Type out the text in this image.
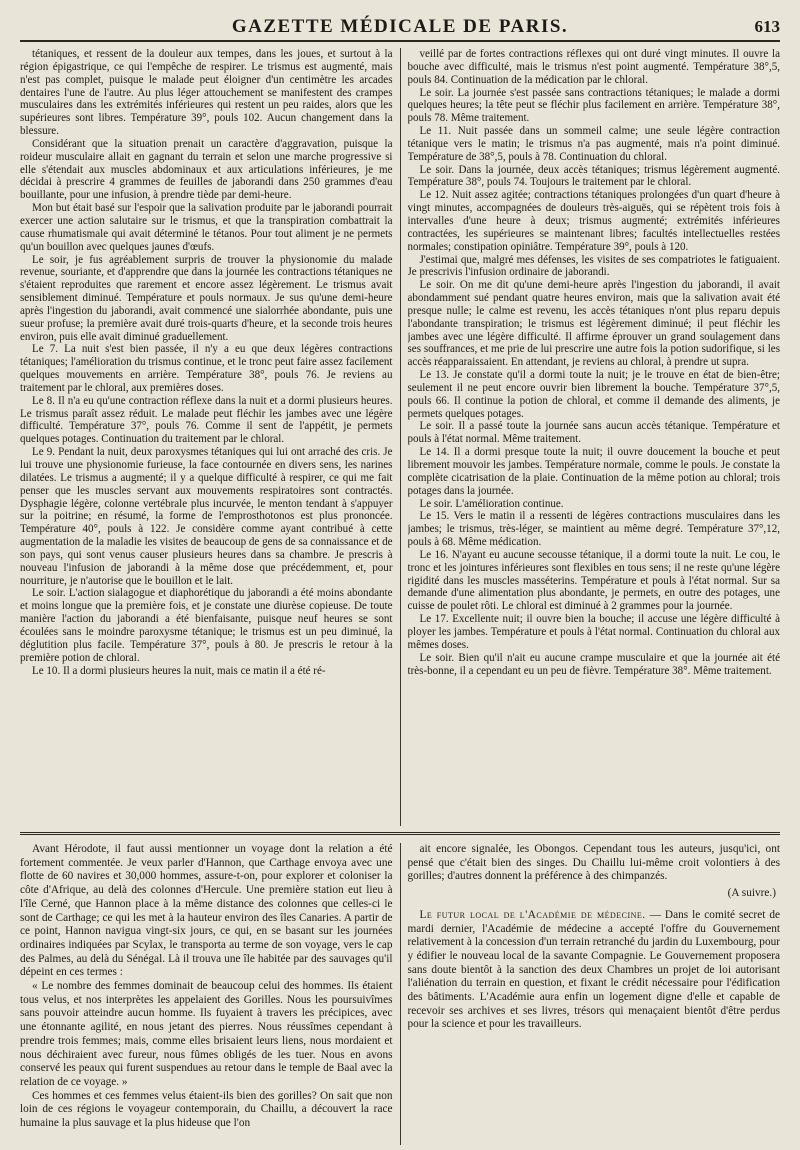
GAZETTE MÉDICALE DE PARIS.	613

tétaniques, et ressent de la douleur aux tempes, dans les joues, et surtout à la région épigastrique, ce qui l'empêche de respirer. Le trismus est augmenté, mais n'est pas complet, puisque le malade peut éloigner d'un centimètre les arcades dentaires l'une de l'autre. Au plus léger attouchement se manifestent des crampes musculaires dans les extrémités inférieures qui restent un peu raides, alors que les supérieures sont libres. Température 39°, pouls 102. Aucun changement dans la blessure.

Considérant que la situation prenait un caractère d'aggravation, puisque la roideur musculaire allait en gagnant du terrain et selon une marche progressive si elle s'étendait aux muscles abdominaux et aux articulations inférieures, je me décidai à prescrire 4 grammes de feuilles de jaborandi dans 250 grammes d'eau bouillante, pour une infusion, à prendre tiède par demi-heure.

Mon but était basé sur l'espoir que la salivation produite par le jaborandi pourrait exercer une action salutaire sur le trismus, et que la transpiration combattrait la cause rhumatismale qui avait déterminé le tétanos. Pour tout aliment je ne permets qu'un bouillon avec quelques jaunes d'œufs.

Le soir, je fus agréablement surpris de trouver la physionomie du malade revenue, souriante, et d'apprendre que dans la journée les contractions tétaniques ne s'étaient reproduites que rarement et encore assez légèrement. Le trismus avait sensiblement diminué. Température et pouls normaux. Je sus qu'une demi-heure après l'ingestion du jaborandi, avait commencé une sialorrhée abondante, puis une sueur profuse; la première avait duré trois-quarts d'heure, et la seconde trois heures environ, puis elle avait diminué graduellement.

Le 7. La nuit s'est bien passée, il n'y a eu que deux légères contractions tétaniques; l'amélioration du trismus continue, et le tronc peut faire assez facilement quelques mouvements en arrière. Température 38°, pouls 76. Je reviens au traitement par le chloral, aux premières doses.

Le 8. Il n'a eu qu'une contraction réflexe dans la nuit et a dormi plusieurs heures. Le trismus paraît assez réduit. Le malade peut fléchir les jambes avec une légère difficulté. Température 37°, pouls 76. Comme il sent de l'appétit, je permets quelques potages. Continuation du traitement par le chloral.

Le 9. Pendant la nuit, deux paroxysmes tétaniques qui lui ont arraché des cris. Je lui trouve une physionomie furieuse, la face contournée en divers sens, les narines dilatées. Le trismus a augmenté; il y a quelque difficulté à respirer, ce qui me fait penser que les muscles servant aux mouvements respiratoires sont contractés. Dysphagie légère, colonne vertébrale plus incurvée, le menton tendant à s'appuyer sur la poitrine; en résumé, la forme de l'emprosthotonos est plus prononcée. Température 40°, pouls à 122. Je considère comme ayant contribué à cette augmentation de la maladie les visites de beaucoup de gens de sa connaissance et de son pays, qui sont venus causer plusieurs heures dans sa chambre. Je prescris à nouveau l'infusion de jaborandi à la même dose que précédemment, et, pour nourriture, je n'autorise que le bouillon et le lait.

Le soir. L'action sialagogue et diaphorétique du jaborandi a été moins abondante et moins longue que la première fois, et je constate une diurèse copieuse. De toute manière l'action du jaborandi a été bienfaisante, puisque neuf heures se sont écoulées sans le moindre paroxysme tétanique; le trismus est un peu diminué, la déglutition plus facile. Température 37°, pouls à 80. Je prescris le retour à la première potion de chloral.

Le 10. Il a dormi plusieurs heures la nuit, mais ce matin il a été ré-

veillé par de fortes contractions réflexes qui ont duré vingt minutes. Il ouvre la bouche avec difficulté, mais le trismus n'est point augmenté. Température 38°,5, pouls 84. Continuation de la médication par le chloral.

Le soir. La journée s'est passée sans contractions tétaniques; le malade a dormi quelques heures; la tête peut se fléchir plus facilement en arrière. Température 38°, pouls 78. Même traitement.

Le 11. Nuit passée dans un sommeil calme; une seule légère contraction tétanique vers le matin; le trismus n'a pas augmenté, mais n'a point diminué. Température de 38°,5, pouls à 78. Continuation du chloral.

Le soir. Dans la journée, deux accès tétaniques; trismus légèrement augmenté. Température 38°, pouls 74. Toujours le traitement par le chloral.

Le 12. Nuit assez agitée; contractions tétaniques prolongées d'un quart d'heure à vingt minutes, accompagnées de douleurs très-aiguës, qui se répètent trois fois à intervalles d'une heure à deux; trismus augmenté; extrémités inférieures contractées, les supérieures se maintenant libres; facultés intellectuelles restées normales; constipation opiniâtre. Température 39°, pouls à 120.

J'estimai que, malgré mes défenses, les visites de ses compatriotes le fatiguaient. Je prescrivis l'infusion ordinaire de jaborandi.

Le soir. On me dit qu'une demi-heure après l'ingestion du jaborandi, il avait abondamment sué pendant quatre heures environ, mais que la salivation avait été presque nulle; le calme est revenu, les accès tétaniques n'ont plus reparu depuis l'abondante transpiration; le trismus est légèrement diminué; il peut fléchir les jambes avec une légère difficulté. Il affirme éprouver un grand soulagement dans ses souffrances, et me prie de lui prescrire une autre fois la potion sudorifique, si les accès réapparaissaient. En attendant, je reviens au chloral, à prendre ut supra.

Le 13. Je constate qu'il a dormi toute la nuit; je le trouve en état de bien-être; seulement il ne peut encore ouvrir bien librement la bouche. Température 37°,5, pouls 66. Il continue la potion de chloral, et comme il demande des aliments, je permets quelques potages.

Le soir. Il a passé toute la journée sans aucun accès tétanique. Température et pouls à l'état normal. Même traitement.

Le 14. Il a dormi presque toute la nuit; il ouvre doucement la bouche et peut librement mouvoir les jambes. Température normale, comme le pouls. Je constate la complète cicatrisation de la plaie. Continuation de la même potion au chloral; trois potages dans la journée.

Le soir. L'amélioration continue.

Le 15. Vers le matin il a ressenti de légères contractions musculaires dans les jambes; le trismus, très-léger, se maintient au même degré. Température 37°,12, pouls à 68. Même médication.

Le 16. N'ayant eu aucune secousse tétanique, il a dormi toute la nuit. Le cou, le tronc et les jointures inférieures sont flexibles en tous sens; il ne reste qu'une légère rigidité dans les muscles masséterins. Température et pouls à l'état normal. Sur sa demande d'une alimentation plus abondante, je permets, en outre des potages, une cuisse de poulet rôti. Le chloral est diminué à 2 grammes pour la journée.

Le 17. Excellente nuit; il ouvre bien la bouche; il accuse une légère difficulté à ployer les jambes. Température et pouls à l'état normal. Continuation du chloral aux mêmes doses.

Le soir. Bien qu'il n'ait eu aucune crampe musculaire et que la journée ait été très-bonne, il a cependant eu un peu de fièvre. Température 38°. Même traitement.

Avant Hérodote, il faut aussi mentionner un voyage dont la relation a été fortement commentée. Je veux parler d'Hannon, que Carthage envoya avec une flotte de 60 navires et 30,000 hommes, assure-t-on, pour explorer et coloniser la côte d'Afrique, au delà des colonnes d'Hercule. Une première station eut lieu à l'île Cerné, que Hannon place à la même distance des colonnes que celles-ci le sont de Carthage; ce qui les met à la hauteur environ des îles Canaries. A partir de ce point, Hannon navigua vingt-six jours, ce qui, en se basant sur les journées ordinaires indiquées par Scylax, le transporta au terme de son voyage, vers le cap des Palmes, au delà du Sénégal. Là il trouva une île habitée par des sauvages qu'il dépeint en ces termes :

« Le nombre des femmes dominait de beaucoup celui des hommes. Ils étaient tous velus, et nos interprètes les appelaient des Gorilles. Nous les poursuivîmes sans pouvoir atteindre aucun homme. Ils fuyaient à travers les précipices, avec une étonnante agilité, en nous jetant des pierres. Nous réussîmes cependant à prendre trois femmes; mais, comme elles brisaient leurs liens, nous mordaient et nous déchiraient avec fureur, nous fûmes obligés de les tuer. Nous en avons conservé les peaux qui furent suspendues au retour dans le temple de Baal avec la relation de ce voyage. »

Ces hommes et ces femmes velus étaient-ils bien des gorilles? On sait que non loin de ces régions le voyageur contemporain, du Chaillu, a découvert la race humaine la plus sauvage et la plus hideuse que l'on

ait encore signalée, les Obongos. Cependant tous les auteurs, jusqu'ici, ont pensé que c'était bien des singes. Du Chaillu lui-même croit volontiers à des gorilles; d'autres donnent la préférence à des chimpanzés.

(A suivre.)

Le futur local de l'Académie de médecine. — Dans le comité secret de mardi dernier, l'Académie de médecine a accepté l'offre du Gouvernement relativement à la concession d'un terrain retranché du jardin du Luxembourg, pour y édifier le nouveau local de la savante Compagnie. Le Gouvernement proposera sans doute bientôt à la sanction des deux Chambres un projet de loi autorisant l'aliénation du terrain en question, et fixant le crédit nécessaire pour l'édification des bâtiments. L'Académie aura enfin un logement digne d'elle et capable de recevoir ses archives et ses livres, trésors qui menaçaient bientôt d'être perdus pour la science et pour les travailleurs.
